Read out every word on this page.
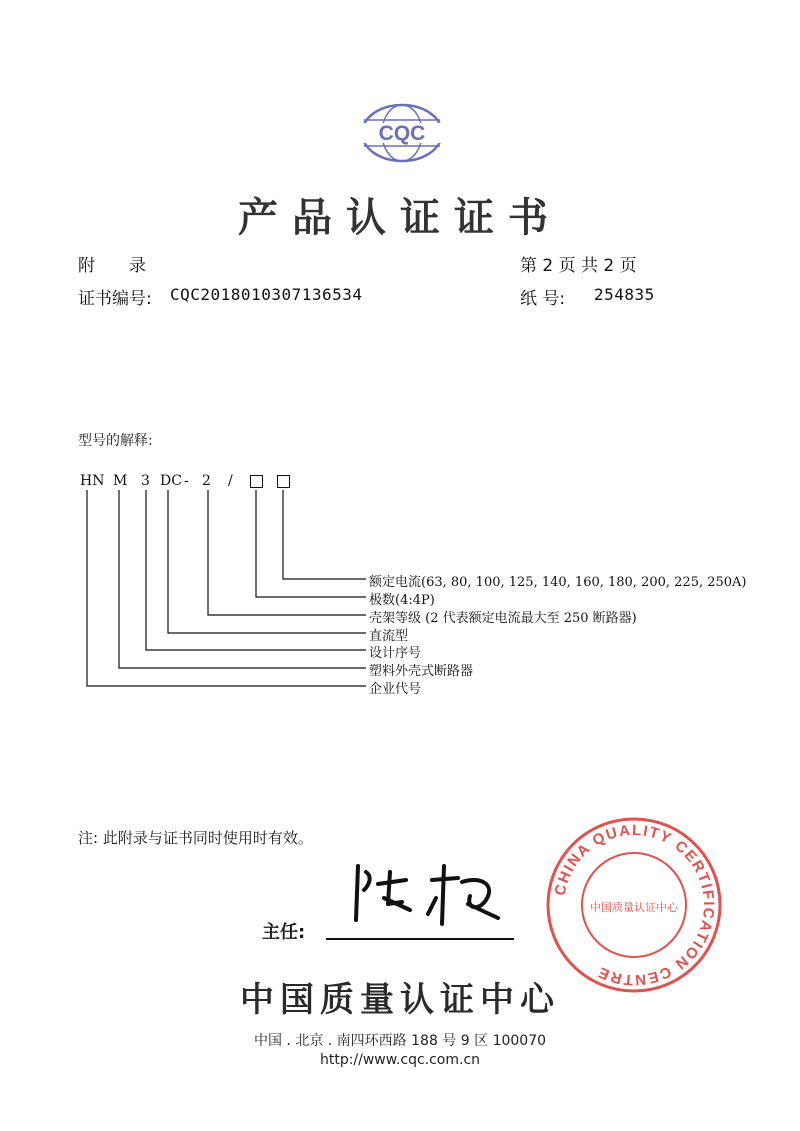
CQC
产品认证证书
附　　录	第 2 页 共 2 页
证书编号: CQC2018010307136534	纸 号: 254835
型号的解释:
HN M 3 DC - 2 /
额定电流(63, 80, 100, 125, 140, 160, 180, 200, 225, 250A)
极数(4:4P)
壳架等级 (2 代表额定电流最大至 250 断路器)
直流型
设计序号
塑料外壳式断路器
企业代号
注: 此附录与证书同时使用时有效。
主任:
CHINA QUALITY CERTIFICATION CENTRE
中国质量认证中心
中国质量认证中心
中国 . 北京 . 南四环西路 188 号 9 区 100070
http://www.cqc.com.cn
